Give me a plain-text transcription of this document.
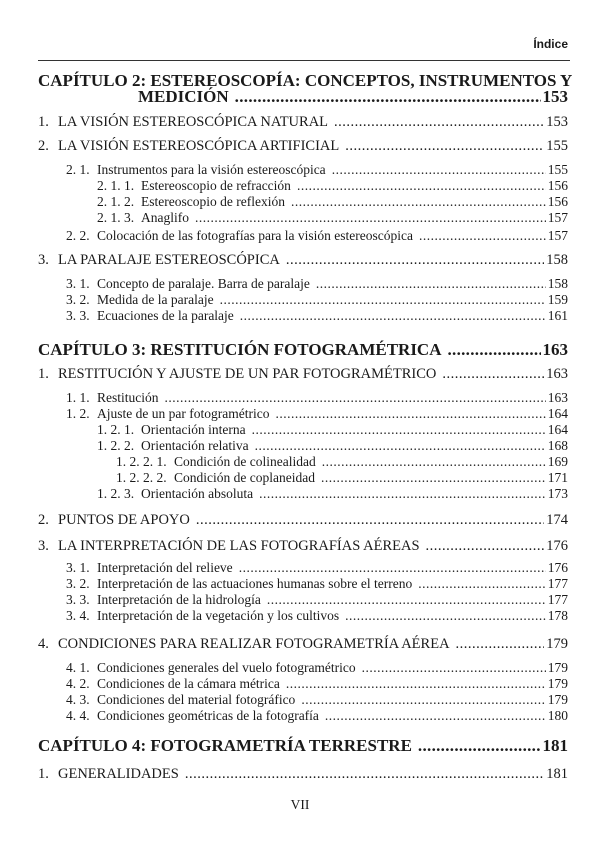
Índice
CAPÍTULO 2: ESTEREOSCOPÍA: CONCEPTOS, INSTRUMENTOS Y
MEDICIÓN .....	153
1. LA VISIÓN ESTEREOSCÓPICA NATURAL .....	153
2. LA VISIÓN ESTEREOSCÓPICA ARTIFICIAL .....	155
2. 1. Instrumentos para la visión estereoscópica .....	155
2. 1. 1. Estereoscopio de refracción .....	156
2. 1. 2. Estereoscopio de reflexión .....	156
2. 1. 3. Anaglifo .....	157
2. 2. Colocación de las fotografías para la visión estereoscópica .....	157
3. LA PARALAJE ESTEREOSCÓPICA .....	158
3. 1. Concepto de paralaje. Barra de paralaje .....	158
3. 2. Medida de la paralaje .....	159
3. 3. Ecuaciones de la paralaje .....	161
CAPÍTULO 3: RESTITUCIÓN FOTOGRAMÉTRICA .....	163
1. RESTITUCIÓN Y AJUSTE DE UN PAR FOTOGRAMÉTRICO .....	163
1. 1. Restitución .....	163
1. 2. Ajuste de un par fotogramétrico .....	164
1. 2. 1. Orientación interna .....	164
1. 2. 2. Orientación relativa .....	168
1. 2. 2. 1. Condición de colinealidad .....	169
1. 2. 2. 2. Condición de coplaneidad .....	171
1. 2. 3. Orientación absoluta .....	173
2. PUNTOS DE APOYO .....	174
3. LA INTERPRETACIÓN DE LAS FOTOGRAFÍAS AÉREAS .....	176
3. 1. Interpretación del relieve .....	176
3. 2. Interpretación de las actuaciones humanas sobre el terreno .....	177
3. 3. Interpretación de la hidrología .....	177
3. 4. Interpretación de la vegetación y los cultivos .....	178
4. CONDICIONES PARA REALIZAR FOTOGRAMETRÍA AÉREA .....	179
4. 1. Condiciones generales del vuelo fotogramétrico .....	179
4. 2. Condiciones de la cámara métrica .....	179
4. 3. Condiciones del material fotográfico .....	179
4. 4. Condiciones geométricas de la fotografía .....	180
CAPÍTULO 4: FOTOGRAMETRÍA TERRESTRE .....	181
1. GENERALIDADES .....	181
VII
